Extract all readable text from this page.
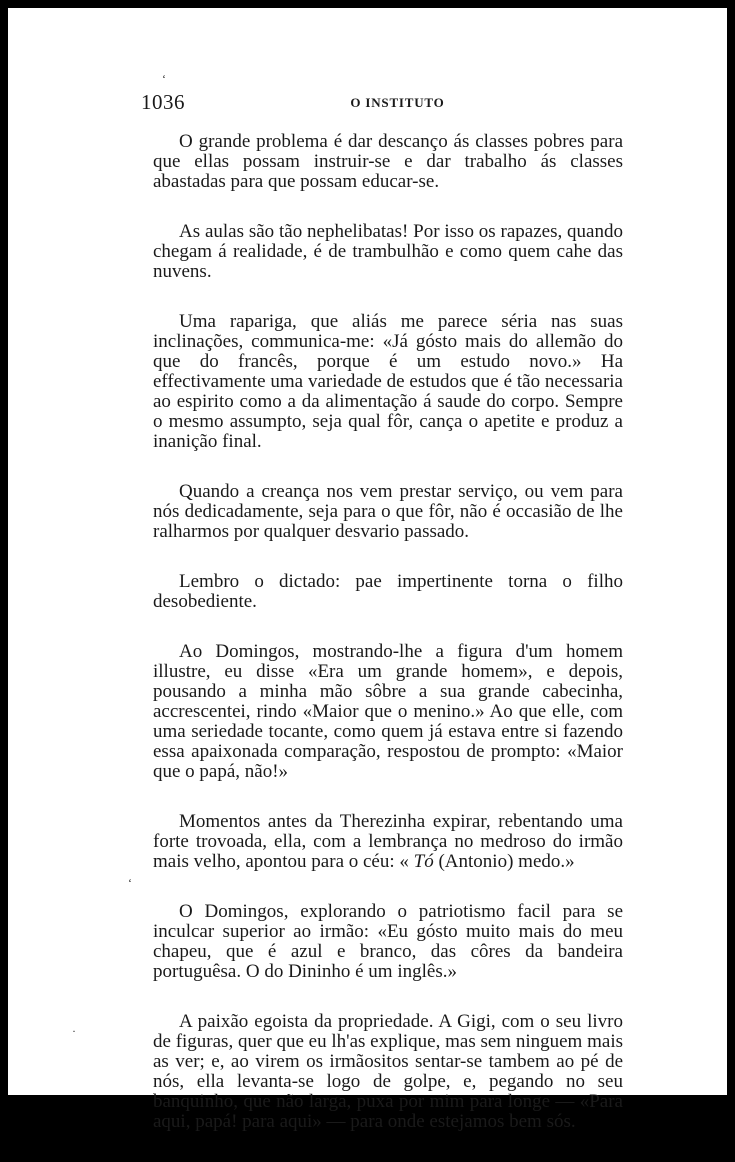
‘
1036	O INSTITUTO

O grande problema é dar descanço ás classes pobres para que ellas possam instruir-se e dar trabalho ás classes abastadas para que possam educar-se.

As aulas são tão nephelibatas! Por isso os rapazes, quando chegam á realidade, é de trambulhão e como quem cahe das nuvens.

Uma rapariga, que aliás me parece séria nas suas inclinações, communica-me: «Já gósto mais do allemão do que do francês, porque é um estudo novo.» Ha effectivamente uma variedade de estudos que é tão necessaria ao espirito como a da alimentação á saude do corpo. Sempre o mesmo assumpto, seja qual fôr, cança o apetite e produz a inanição final.

Quando a creança nos vem prestar serviço, ou vem para nós dedicadamente, seja para o que fôr, não é occasião de lhe ralharmos por qualquer desvario passado.

Lembro o dictado: pae impertinente torna o filho desobediente.

Ao Domingos, mostrando-lhe a figura d'um homem illustre, eu disse «Era um grande homem», e depois, pousando a minha mão sôbre a sua grande cabecinha, accrescentei, rindo «Maior que o menino.» Ao que elle, com uma seriedade tocante, como quem já estava entre si fazendo essa apaixonada comparação, respostou de prompto: «Maior que o papá, não!»

Momentos antes da Therezinha expirar, rebentando uma forte trovoada, ella, com a lembrança no medroso do irmão mais velho, apontou para o céu: « Tó (Antonio) medo.»

O Domingos, explorando o patriotismo facil para se inculcar superior ao irmão: «Eu gósto muito mais do meu chapeu, que é azul e branco, das côres da bandeira portuguêsa. O do Dininho é um inglês.»

A paixão egoista da propriedade. A Gigi, com o seu livro de figuras, quer que eu lh'as explique, mas sem ninguem mais as ver; e, ao virem os irmãositos sentar-se tambem ao pé de nós, ella levanta-se logo de golpe, e, pegando no seu banquinho, que não larga, puxa por mim para longe — «Para aqui, papá! para aqui» — para onde estejamos bem sós.

‘
·
